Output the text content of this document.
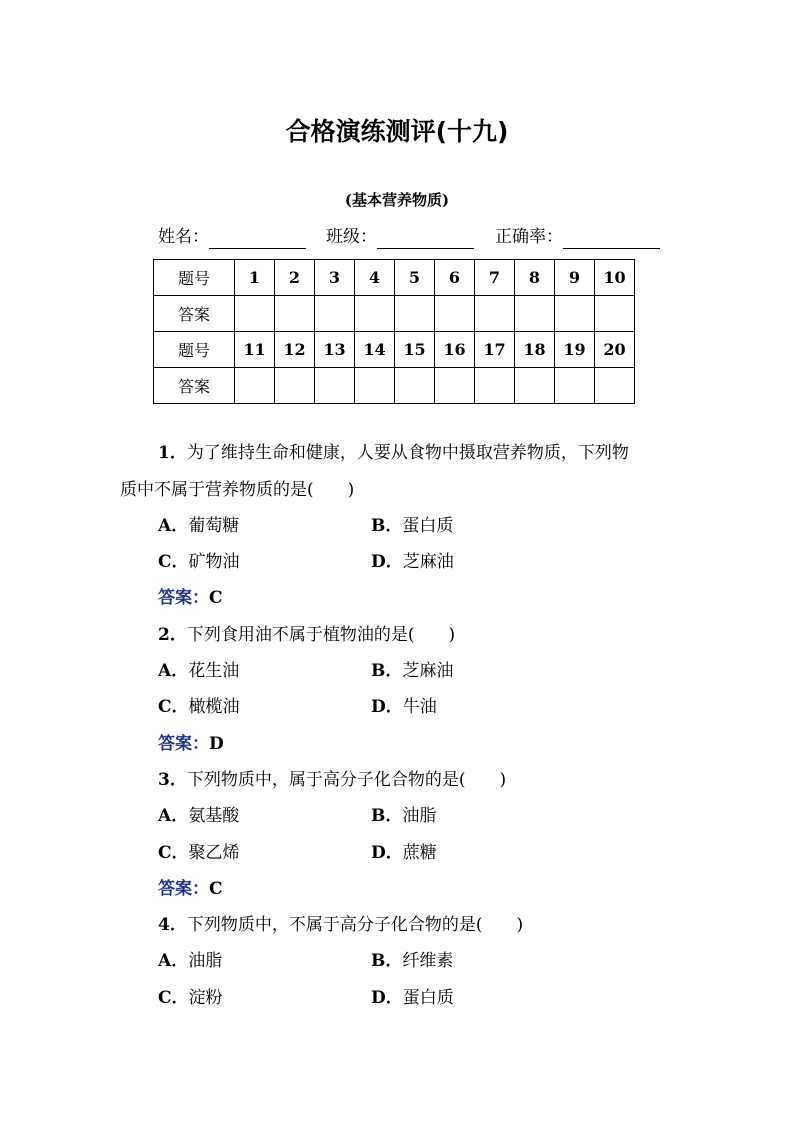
合格演练测评(十九)
(基本营养物质)
姓名：	班级：	正确率：
题号	1	2	3	4	5	6	7	8	9	10
答案										
题号	11	12	13	14	15	16	17	18	19	20
答案										
1．为了维持生命和健康，人要从食物中摄取营养物质，下列物
质中不属于营养物质的是(　　)
A．葡萄糖	B．蛋白质
C．矿物油	D．芝麻油
答案：C
2．下列食用油不属于植物油的是(　　)
A．花生油	B．芝麻油
C．橄榄油	D．牛油
答案：D
3．下列物质中，属于高分子化合物的是(　　)
A．氨基酸	B．油脂
C．聚乙烯	D．蔗糖
答案：C
4．下列物质中，不属于高分子化合物的是(　　)
A．油脂	B．纤维素
C．淀粉	D．蛋白质
